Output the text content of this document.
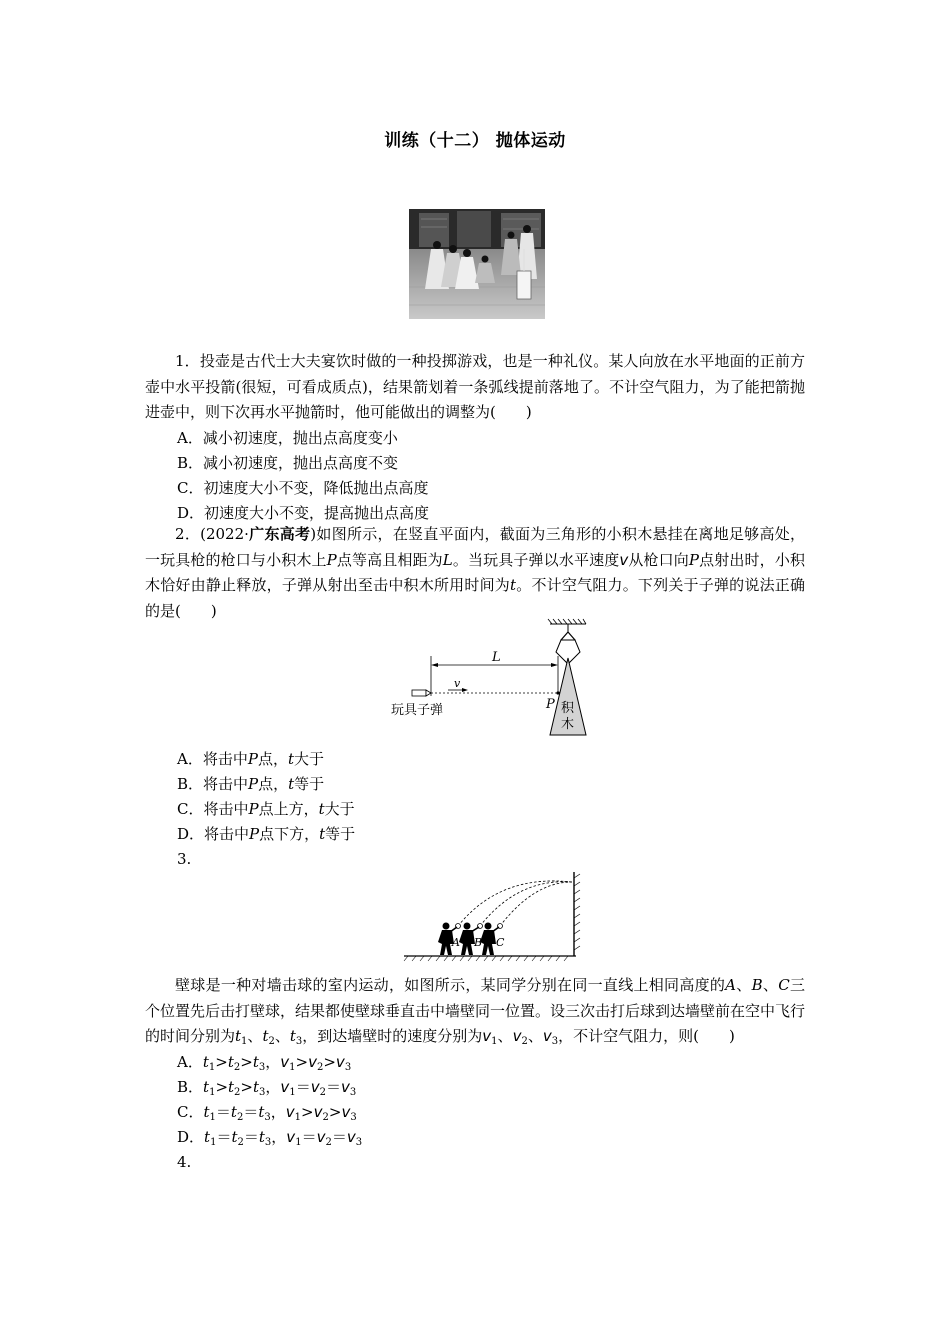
训练（十二） 抛体运动

1．投壶是古代士大夫宴饮时做的一种投掷游戏，也是一种礼仪。某人向放在水平地面的正前方壶中水平投箭(很短，可看成质点)，结果箭划着一条弧线提前落地了。不计空气阻力，为了能把箭抛进壶中，则下次再水平抛箭时，他可能做出的调整为(　　)

A．减小初速度，抛出点高度变小

B．减小初速度，抛出点高度不变

C．初速度大小不变，降低抛出点高度

D．初速度大小不变，提高抛出点高度

2．(2022·广东高考)如图所示，在竖直平面内，截面为三角形的小积木悬挂在离地足够高处，一玩具枪的枪口与小积木上P点等高且相距为L。当玩具子弹以水平速度v从枪口向P点射出时，小积木恰好由静止释放，子弹从射出至击中积木所用时间为t。不计空气阻力。下列关于子弹的说法正确的是(　　)

L
v
P
玩具子弹	积
木

A．将击中P点，t大于

B．将击中P点，t等于

C．将击中P点上方，t大于

D．将击中P点下方，t等于

3.

A B C

壁球是一种对墙击球的室内运动，如图所示，某同学分别在同一直线上相同高度的A、B、C三个位置先后击打壁球，结果都使壁球垂直击中墙壁同一位置。设三次击打后球到达墙壁前在空中飞行的时间分别为$t_1$、$t_2$、$t_3$，到达墙壁时的速度分别为$v_1$、$v_2$、$v_3$，不计空气阻力，则(　　)

A．$t_1>t_2>t_3$，$v_1>v_2>v_3$

B．$t_1>t_2>t_3$，$v_1=v_2=v_3$

C．$t_1=t_2=t_3$，$v_1>v_2>v_3$

D．$t_1=t_2=t_3$，$v_1=v_2=v_3$

4.
